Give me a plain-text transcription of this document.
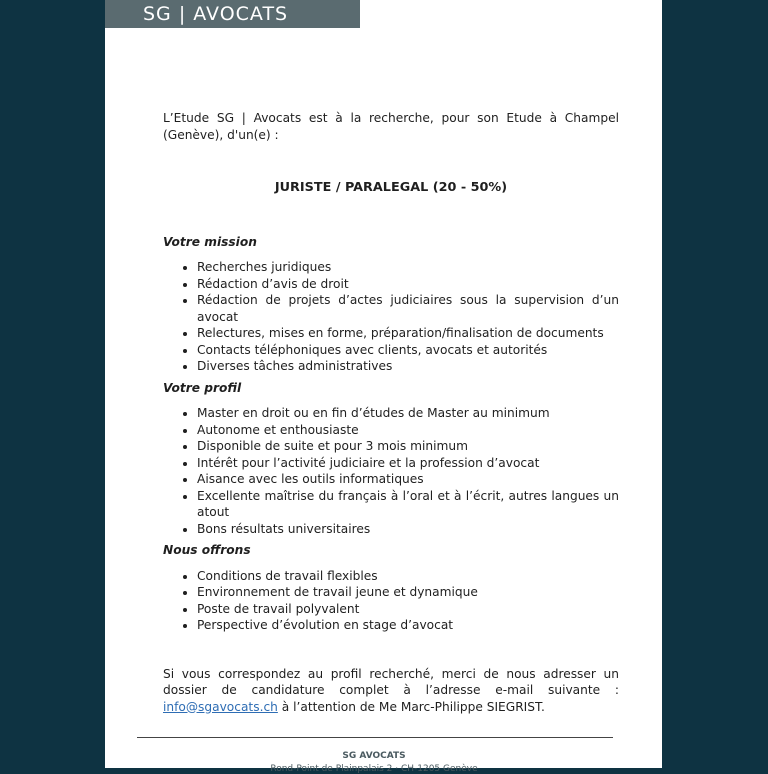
SG | AVOCATS

L’Etude SG | Avocats est à la recherche, pour son Etude à Champel (Genève), d'un(e) :

JURISTE / PARALEGAL (20 - 50%)

Votre mission

• Recherches juridiques
• Rédaction d’avis de droit
• Rédaction de projets d’actes judiciaires sous la supervision d’un avocat
• Relectures, mises en forme, préparation/finalisation de documents
• Contacts téléphoniques avec clients, avocats et autorités
• Diverses tâches administratives

Votre profil

• Master en droit ou en fin d’études de Master au minimum
• Autonome et enthousiaste
• Disponible de suite et pour 3 mois minimum
• Intérêt pour l’activité judiciaire et la profession d’avocat
• Aisance avec les outils informatiques
• Excellente maîtrise du français à l’oral et à l’écrit, autres langues un atout
• Bons résultats universitaires

Nous offrons

• Conditions de travail flexibles
• Environnement de travail jeune et dynamique
• Poste de travail polyvalent
• Perspective d’évolution en stage d’avocat

Si vous correspondez au profil recherché, merci de nous adresser un dossier de candidature complet à l’adresse e-mail suivante : info@sgavocats.ch à l’attention de Me Marc-Philippe SIEGRIST.

SG AVOCATS
Rond-Point de Plainpalais 2 · CH-1205 Genève
